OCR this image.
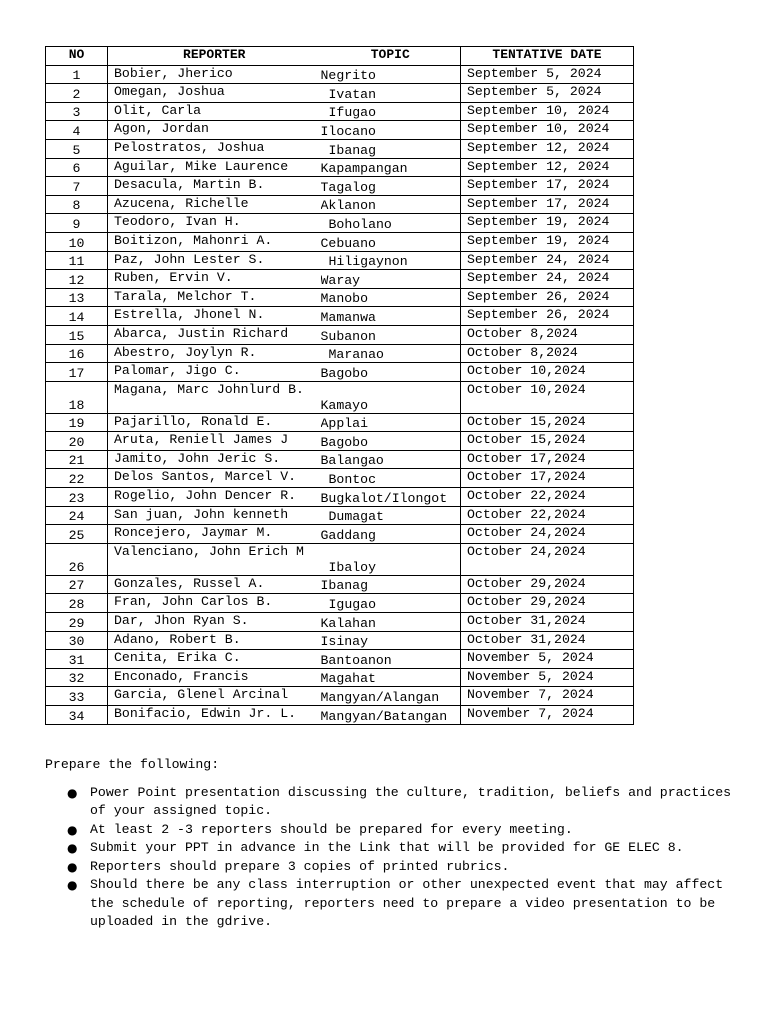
NO	REPORTER	TOPIC	TENTATIVE DATE
1	Bobier, Jherico	Negrito	September 5, 2024
2	Omegan, Joshua	Ivatan	September 5, 2024
3	Olit, Carla	Ifugao	September 10, 2024
4	Agon, Jordan	Ilocano	September 10, 2024
5	Pelostratos, Joshua	Ibanag	September 12, 2024
6	Aguilar, Mike Laurence	Kapampangan	September 12, 2024
7	Desacula, Martin B.	Tagalog	September 17, 2024
8	Azucena, Richelle	Aklanon	September 17, 2024
9	Teodoro, Ivan H.	Boholano	September 19, 2024
10	Boitizon, Mahonri A.	Cebuano	September 19, 2024
11	Paz, John Lester S.	Hiligaynon	September 24, 2024
12	Ruben, Ervin V.	Waray	September 24, 2024
13	Tarala, Melchor T.	Manobo	September 26, 2024
14	Estrella, Jhonel N.	Mamanwa	September 26, 2024
15	Abarca, Justin Richard	Subanon	October 8,2024
16	Abestro, Joylyn R.	Maranao	October 8,2024
17	Palomar, Jigo C.	Bagobo	October 10,2024
18	Magana, Marc Johnlurd B.	Kamayo	October 10,2024
19	Pajarillo, Ronald E.	Applai	October 15,2024
20	Aruta, Reniell James J	Bagobo	October 15,2024
21	Jamito, John Jeric S.	Balangao	October 17,2024
22	Delos Santos, Marcel V.	Bontoc	October 17,2024
23	Rogelio, John Dencer R.	Bugkalot/Ilongot	October 22,2024
24	San juan, John kenneth	Dumagat	October 22,2024
25	Roncejero, Jaymar M.	Gaddang	October 24,2024
26	Valenciano, John Erich M	Ibaloy	October 24,2024
27	Gonzales, Russel A.	Ibanag	October 29,2024
28	Fran, John Carlos B.	Igugao	October 29,2024
29	Dar, Jhon Ryan S.	Kalahan	October 31,2024
30	Adano, Robert B.	Isinay	October 31,2024
31	Cenita, Erika C.	Bantoanon	November 5, 2024
32	Enconado, Francis	Magahat	November 5, 2024
33	Garcia, Glenel Arcinal	Mangyan/Alangan	November 7, 2024
34	Bonifacio, Edwin Jr. L.	Mangyan/Batangan	November 7, 2024
Prepare the following:
● Power Point presentation discussing the culture, tradition, beliefs and practices of your assigned topic.
● At least 2 -3 reporters should be prepared for every meeting.
● Submit your PPT in advance in the Link that will be provided for GE ELEC 8.
● Reporters should prepare 3 copies of printed rubrics.
● Should there be any class interruption or other unexpected event that may affect the schedule of reporting, reporters need to prepare a video presentation to be uploaded in the gdrive.
